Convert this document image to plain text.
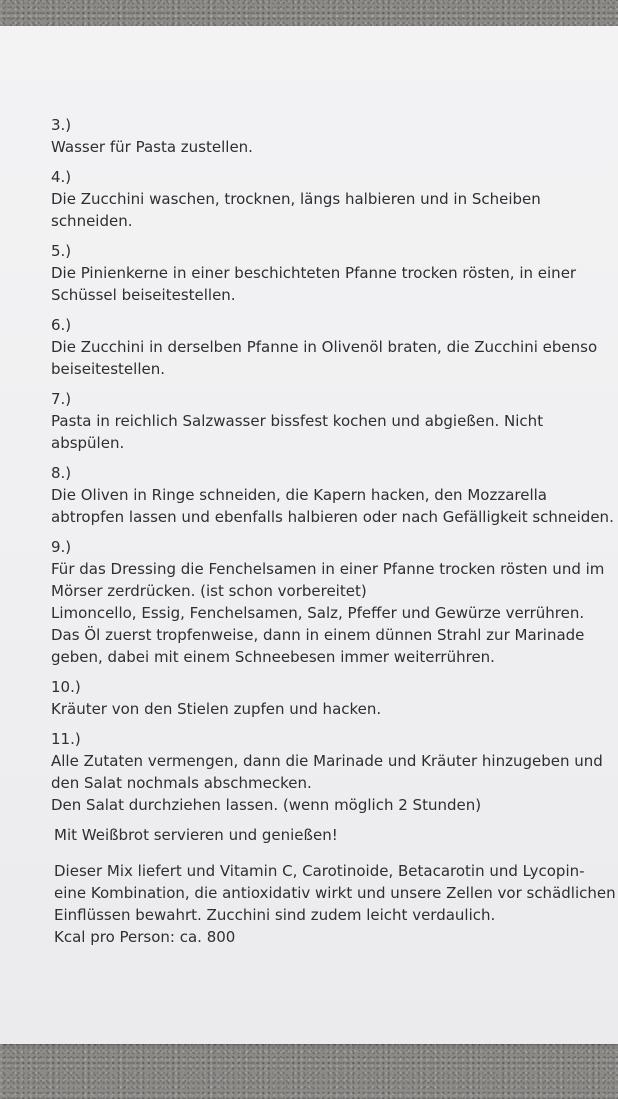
3.)
Wasser für Pasta zustellen.
4.)
Die Zucchini waschen, trocknen, längs halbieren und in Scheiben
schneiden.
5.)
Die Pinienkerne in einer beschichteten Pfanne trocken rösten, in einer
Schüssel beiseitestellen.
6.)
Die Zucchini in derselben Pfanne in Olivenöl braten, die Zucchini ebenso
beiseitestellen.
7.)
Pasta in reichlich Salzwasser bissfest kochen und abgießen. Nicht
abspülen.
8.)
Die Oliven in Ringe schneiden, die Kapern hacken, den Mozzarella
abtropfen lassen und ebenfalls halbieren oder nach Gefälligkeit schneiden.
9.)
Für das Dressing die Fenchelsamen in einer Pfanne trocken rösten und im
Mörser zerdrücken. (ist schon vorbereitet)
Limoncello, Essig, Fenchelsamen, Salz, Pfeffer und Gewürze verrühren.
Das Öl zuerst tropfenweise, dann in einem dünnen Strahl zur Marinade
geben, dabei mit einem Schneebesen immer weiterrühren.
10.)
Kräuter von den Stielen zupfen und hacken.
11.)
Alle Zutaten vermengen, dann die Marinade und Kräuter hinzugeben und
den Salat nochmals abschmecken.
Den Salat durchziehen lassen. (wenn möglich 2 Stunden)
Mit Weißbrot servieren und genießen!
Dieser Mix liefert und Vitamin C, Carotinoide, Betacarotin und Lycopin-
eine Kombination, die antioxidativ wirkt und unsere Zellen vor schädlichen
Einflüssen bewahrt. Zucchini sind zudem leicht verdaulich.
Kcal pro Person: ca. 800
